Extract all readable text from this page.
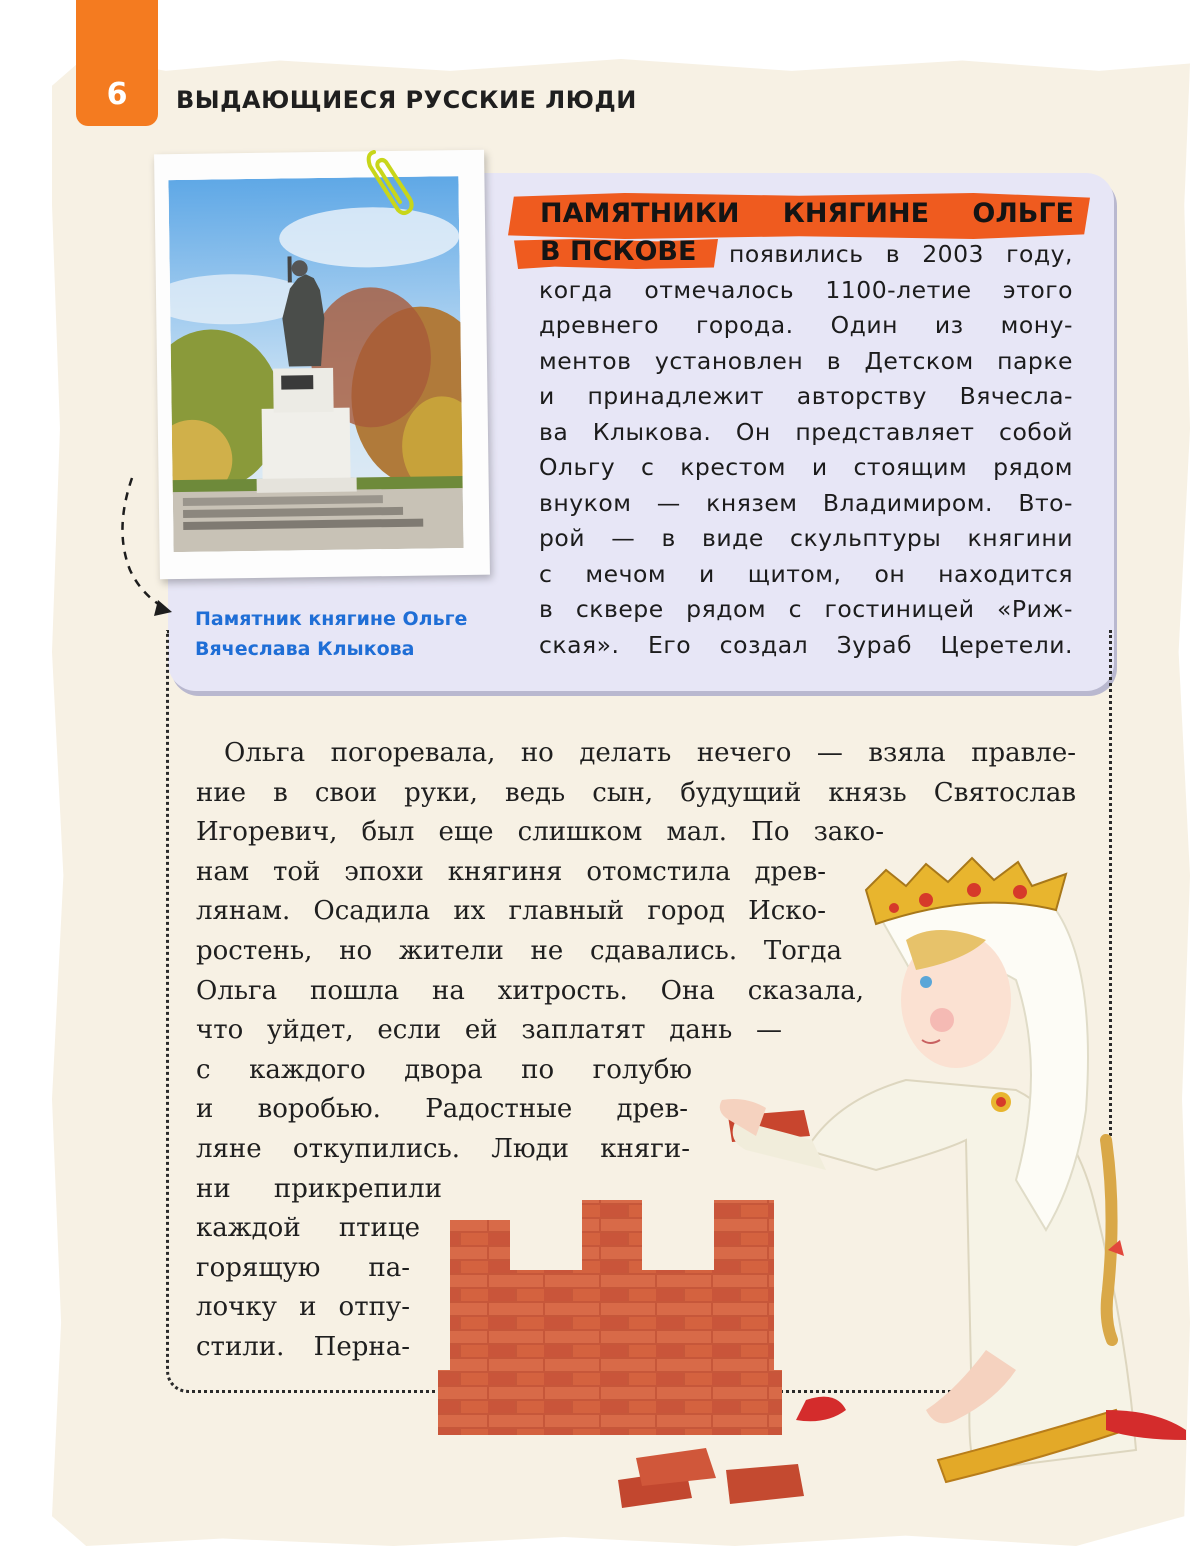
6	ВЫДАЮЩИЕСЯ РУССКИЕ ЛЮДИ
Памятник княгине Ольге
Вячеслава Клыкова
ПАМЯТНИКИ КНЯГИНЕ ОЛЬГЕ
В ПСКОВЕ	появились в 2003 году,
когда отмечалось 1100-летие этого
древнего города. Один из мону-
ментов установлен в Детском парке
и принадлежит авторству Вячесла-
ва Клыкова. Он представляет собой
Ольгу с крестом и стоящим рядом
внуком — князем Владимиром. Вто-
рой — в виде скульптуры княгини
с мечом и щитом, он находится
в сквере рядом с гостиницей «Риж-
ская». Его создал Зураб Церетели.
Ольга погоревала, но делать нечего — взяла правле-
ние в свои руки, ведь сын, будущий князь Святослав
Игоревич, был еще слишком мал. По зако-
нам той эпохи княгиня отомстила древ-
лянам. Осадила их главный город Иско-
ростень, но жители не сдавались. Тогда
Ольга пошла на хитрость. Она сказала,
что уйдет, если ей заплатят дань —
с каждого двора по голубю
и воробью. Радостные древ-
ляне откупились. Люди княги-
ни прикрепили
каждой птице
горящую па-
лочку и отпу-
стили. Перна-
